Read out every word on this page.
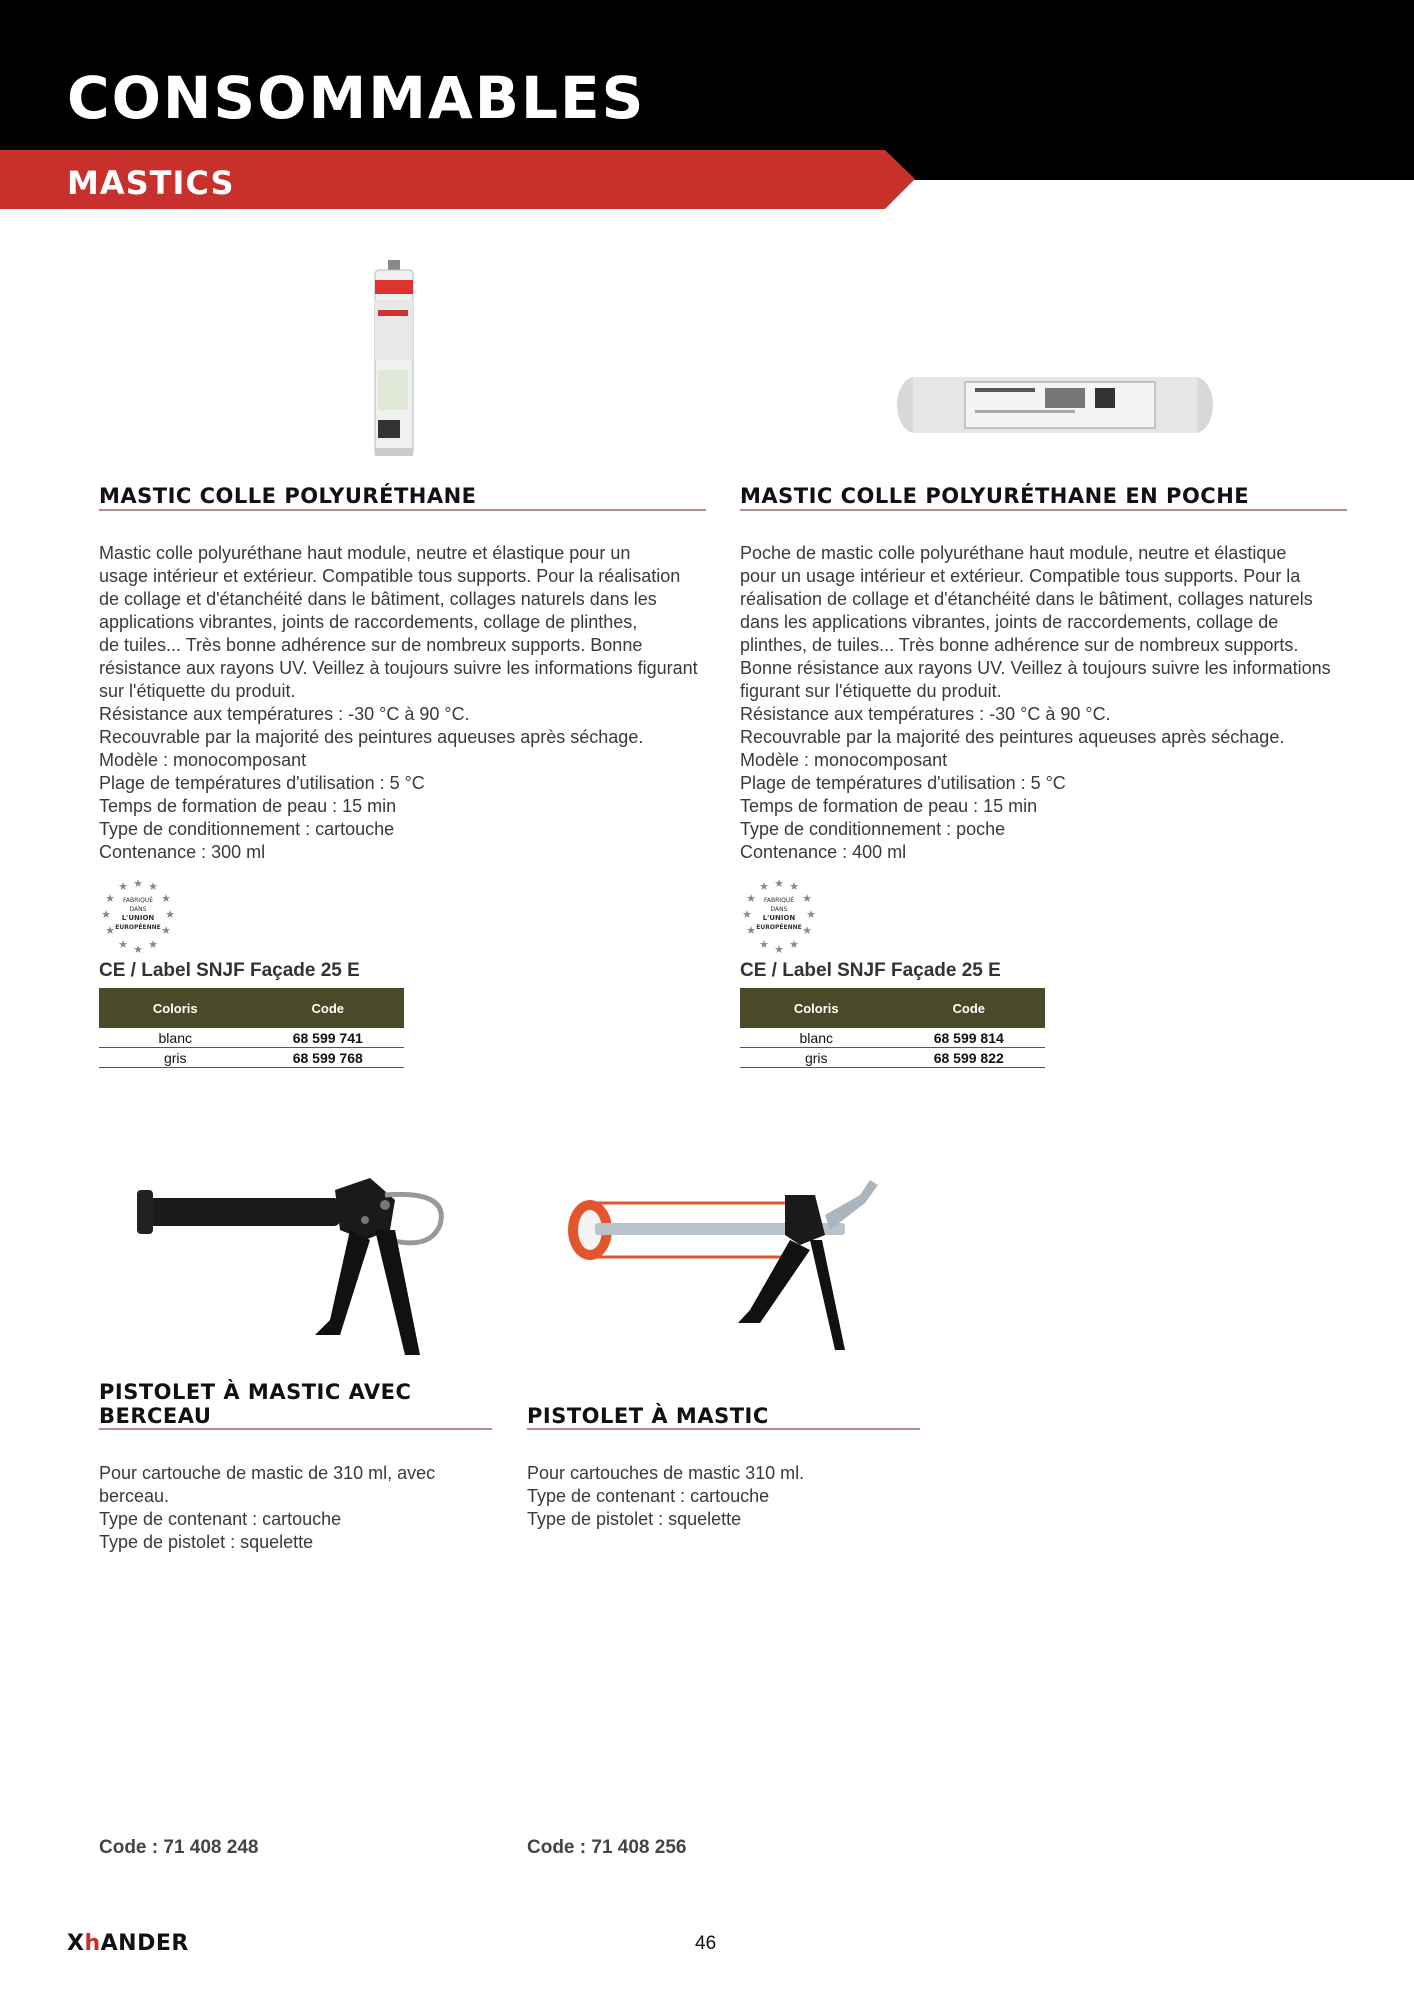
CONSOMMABLES
MASTICS
MASTIC COLLE POLYURÉTHANE	MASTIC COLLE POLYURÉTHANE EN POCHE

Mastic colle polyuréthane haut module, neutre et élastique pour un

usage intérieur et extérieur. Compatible tous supports. Pour la réalisation

de collage et d'étanchéité dans le bâtiment, collages naturels dans les

applications vibrantes, joints de raccordements, collage de plinthes,

de tuiles... Très bonne adhérence sur de nombreux supports. Bonne

résistance aux rayons UV. Veillez à toujours suivre les informations figurant

sur l'étiquette du produit.

Résistance aux températures : -30 °C à 90 °C.

Recouvrable par la majorité des peintures aqueuses après séchage.

Modèle : monocomposant

Plage de températures d'utilisation : 5 °C

Temps de formation de peau : 15 min

Type de conditionnement : cartouche

Contenance : 300 ml

Poche de mastic colle polyuréthane haut module, neutre et élastique

pour un usage intérieur et extérieur. Compatible tous supports. Pour la

réalisation de collage et d'étanchéité dans le bâtiment, collages naturels

dans les applications vibrantes, joints de raccordements, collage de

plinthes, de tuiles... Très bonne adhérence sur de nombreux supports.

Bonne résistance aux rayons UV. Veillez à toujours suivre les informations

figurant sur l'étiquette du produit.

Résistance aux températures : -30 °C à 90 °C.

Recouvrable par la majorité des peintures aqueuses après séchage.

Modèle : monocomposant

Plage de températures d'utilisation : 5 °C

Temps de formation de peau : 15 min

Type de conditionnement : poche

Contenance : 400 ml

★
★ ★
★	★
★	★
★	★
★ ★
★
FABRIQUÉ
DANS
L'UNION
EUROPÉENNE
★
★ ★
★	★
★	★
★	★
★ ★
★
FABRIQUÉ
DANS
L'UNION
EUROPÉENNE
CE / Label SNJF Façade 25 E	CE / Label SNJF Façade 25 E
Coloris	Code
blanc	68 599 741
gris	68 599 768
Coloris	Code
blanc	68 599 814
gris	68 599 822
PISTOLET À MASTIC AVEC
BERCEAU	PISTOLET À MASTIC

Pour cartouche de mastic de 310 ml, avec

berceau.

Type de contenant : cartouche

Type de pistolet : squelette

Pour cartouches de mastic 310 ml.

Type de contenant : cartouche

Type de pistolet : squelette

Code : 71 408 248	Code : 71 408 256
XhANDER	46
